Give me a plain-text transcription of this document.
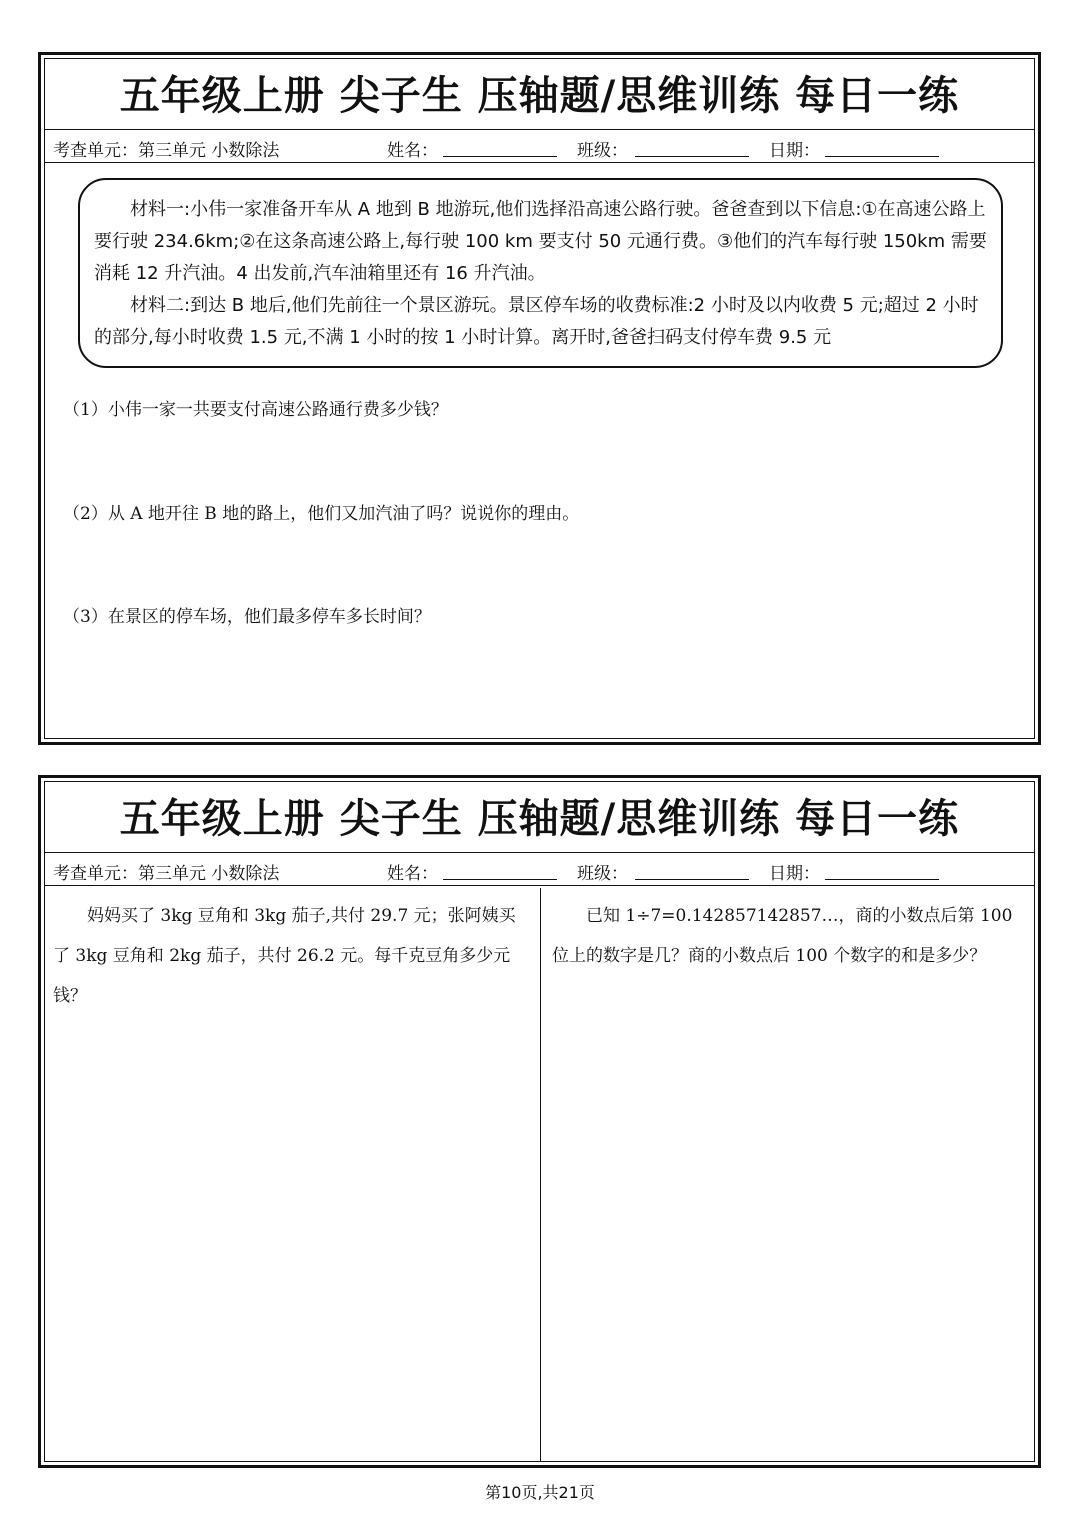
五年级上册 尖子生 压轴题/思维训练 每日一练
考查单元：第三单元 小数除法	姓名：	班级：	日期：

材料一:小伟一家准备开车从 A 地到 B 地游玩,他们选择沿高速公路行驶。爸爸查到以下信息:①在高速公路上要行驶 234.6km;②在这条高速公路上,每行驶 100 km 要支付 50 元通行费。③他们的汽车每行驶 150km 需要消耗 12 升汽油。4 出发前,汽车油箱里还有 16 升汽油。

材料二:到达 B 地后,他们先前往一个景区游玩。景区停车场的收费标准:2 小时及以内收费 5 元;超过 2 小时的部分,每小时收费 1.5 元,不满 1 小时的按 1 小时计算。离开时,爸爸扫码支付停车费 9.5 元

（1）小伟一家一共要支付高速公路通行费多少钱？
（2）从 A 地开往 B 地的路上，他们又加汽油了吗？说说你的理由。
（3）在景区的停车场，他们最多停车多长时间？
五年级上册 尖子生 压轴题/思维训练 每日一练
考查单元：第三单元 小数除法	姓名：	班级：	日期：

妈妈买了 3kg 豆角和 3kg 茄子,共付 29.7 元；张阿姨买了 3kg 豆角和 2kg 茄子，共付 26.2 元。每千克豆角多少元钱？

已知 1÷7=0.142857142857…，商的小数点后第 100 位上的数字是几？商的小数点后 100 个数字的和是多少？

第10页,共21页
